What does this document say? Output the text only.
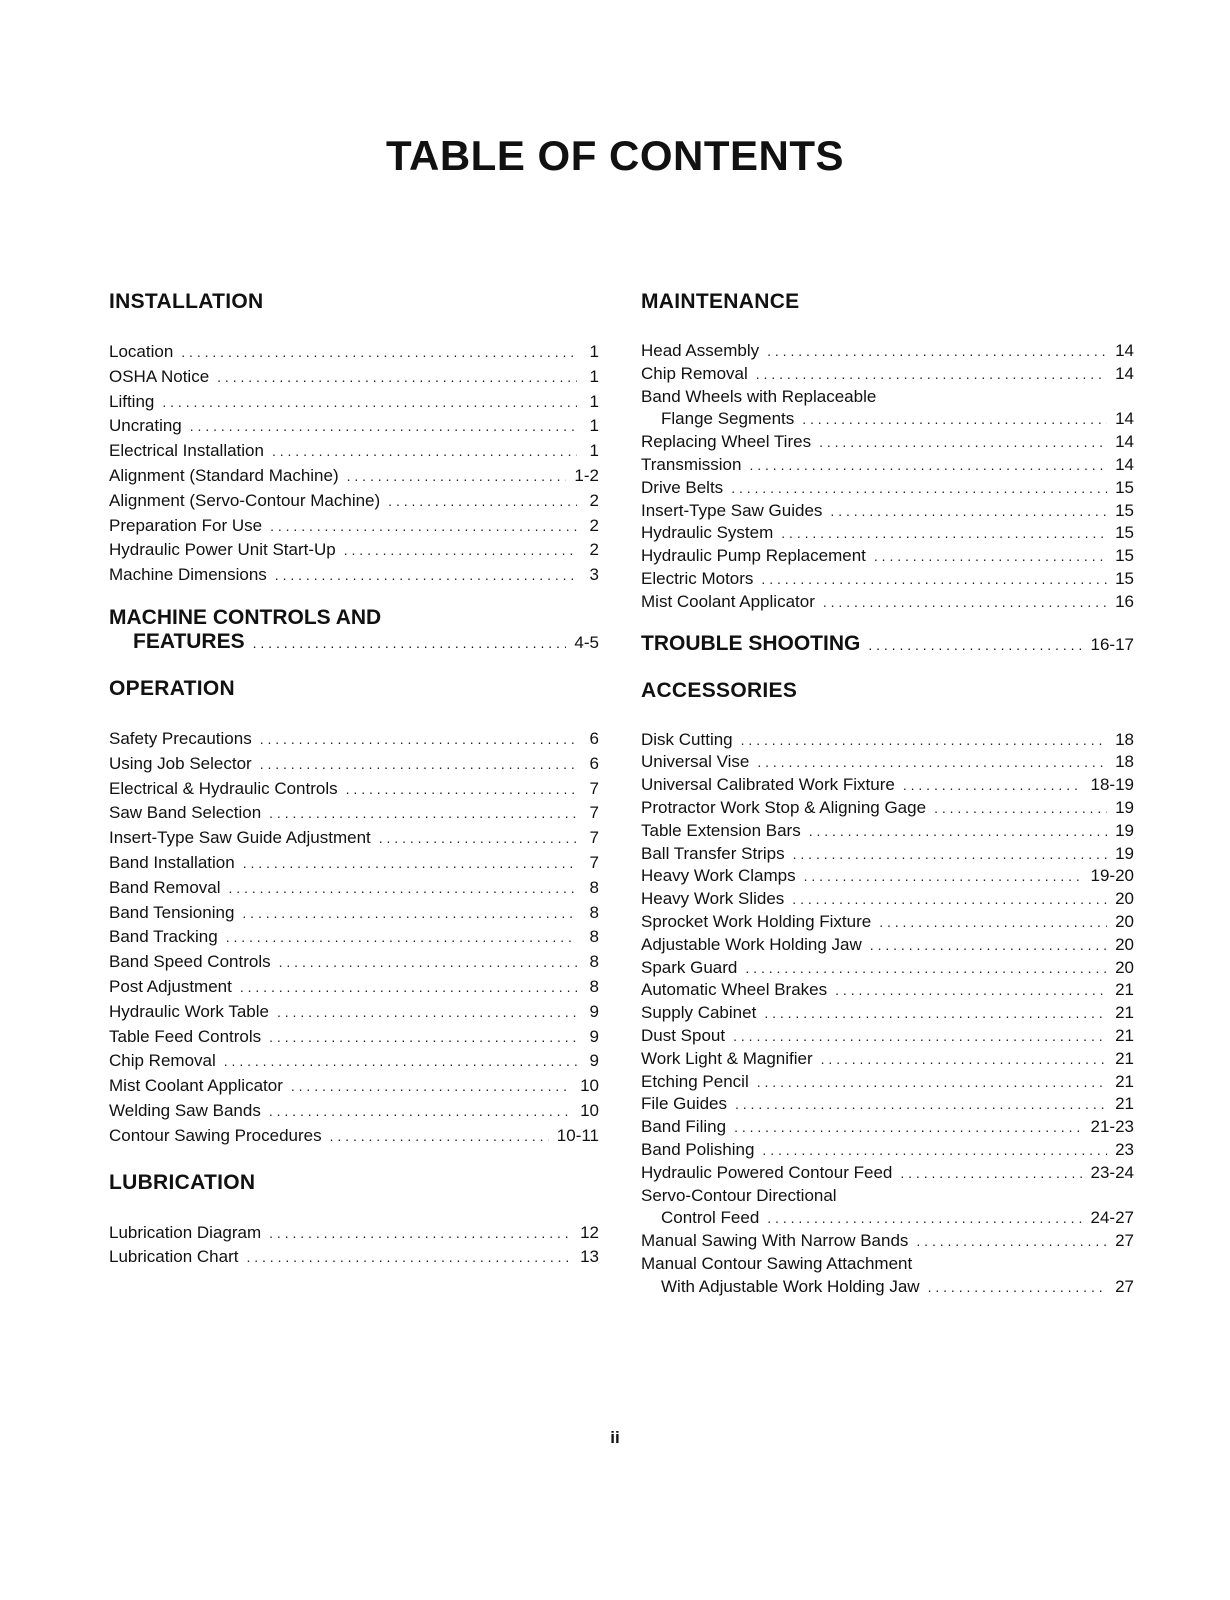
TABLE OF CONTENTS
INSTALLATION
Location . . .	1
OSHA Notice . . .	1
Lifting . . .	1
Uncrating . . .	1
Electrical Installation . . .	1
Alignment (Standard Machine) . . .	1-2
Alignment (Servo-Contour Machine) . . .	2
Preparation For Use . . .	2
Hydraulic Power Unit Start-Up . . .	2
Machine Dimensions . . .	3
MACHINE CONTROLS AND
FEATURES . . .	4-5
OPERATION
Safety Precautions . . .	6
Using Job Selector . . .	6
Electrical & Hydraulic Controls . . .	7
Saw Band Selection . . .	7
Insert-Type Saw Guide Adjustment . . .	7
Band Installation . . .	7
Band Removal . . .	8
Band Tensioning . . .	8
Band Tracking . . .	8
Band Speed Controls . . .	8
Post Adjustment . . .	8
Hydraulic Work Table . . .	9
Table Feed Controls . . .	9
Chip Removal . . .	9
Mist Coolant Applicator . . .	10
Welding Saw Bands . . .	10
Contour Sawing Procedures . . .	10-11
LUBRICATION
Lubrication Diagram . . .	12
Lubrication Chart . . .	13
MAINTENANCE
Head Assembly . . .	14
Chip Removal . . .	14
Band Wheels with Replaceable
Flange Segments . . .	14
Replacing Wheel Tires . . .	14
Transmission . . .	14
Drive Belts . . .	15
Insert-Type Saw Guides . . .	15
Hydraulic System . . .	15
Hydraulic Pump Replacement . . .	15
Electric Motors . . .	15
Mist Coolant Applicator . . .	16
TROUBLE SHOOTING . . .	16-17
ACCESSORIES
Disk Cutting . . .	18
Universal Vise . . .	18
Universal Calibrated Work Fixture . . .	18-19
Protractor Work Stop & Aligning Gage . . .	19
Table Extension Bars . . .	19
Ball Transfer Strips . . .	19
Heavy Work Clamps . . .	19-20
Heavy Work Slides . . .	20
Sprocket Work Holding Fixture . . .	20
Adjustable Work Holding Jaw . . .	20
Spark Guard . . .	20
Automatic Wheel Brakes . . .	21
Supply Cabinet . . .	21
Dust Spout . . .	21
Work Light & Magnifier . . .	21
Etching Pencil . . .	21
File Guides . . .	21
Band Filing . . .	21-23
Band Polishing . . .	23
Hydraulic Powered Contour Feed . . .	23-24
Servo-Contour Directional
Control Feed . . .	24-27
Manual Sawing With Narrow Bands . . .	27
Manual Contour Sawing Attachment
With Adjustable Work Holding Jaw . . .	27
ii
